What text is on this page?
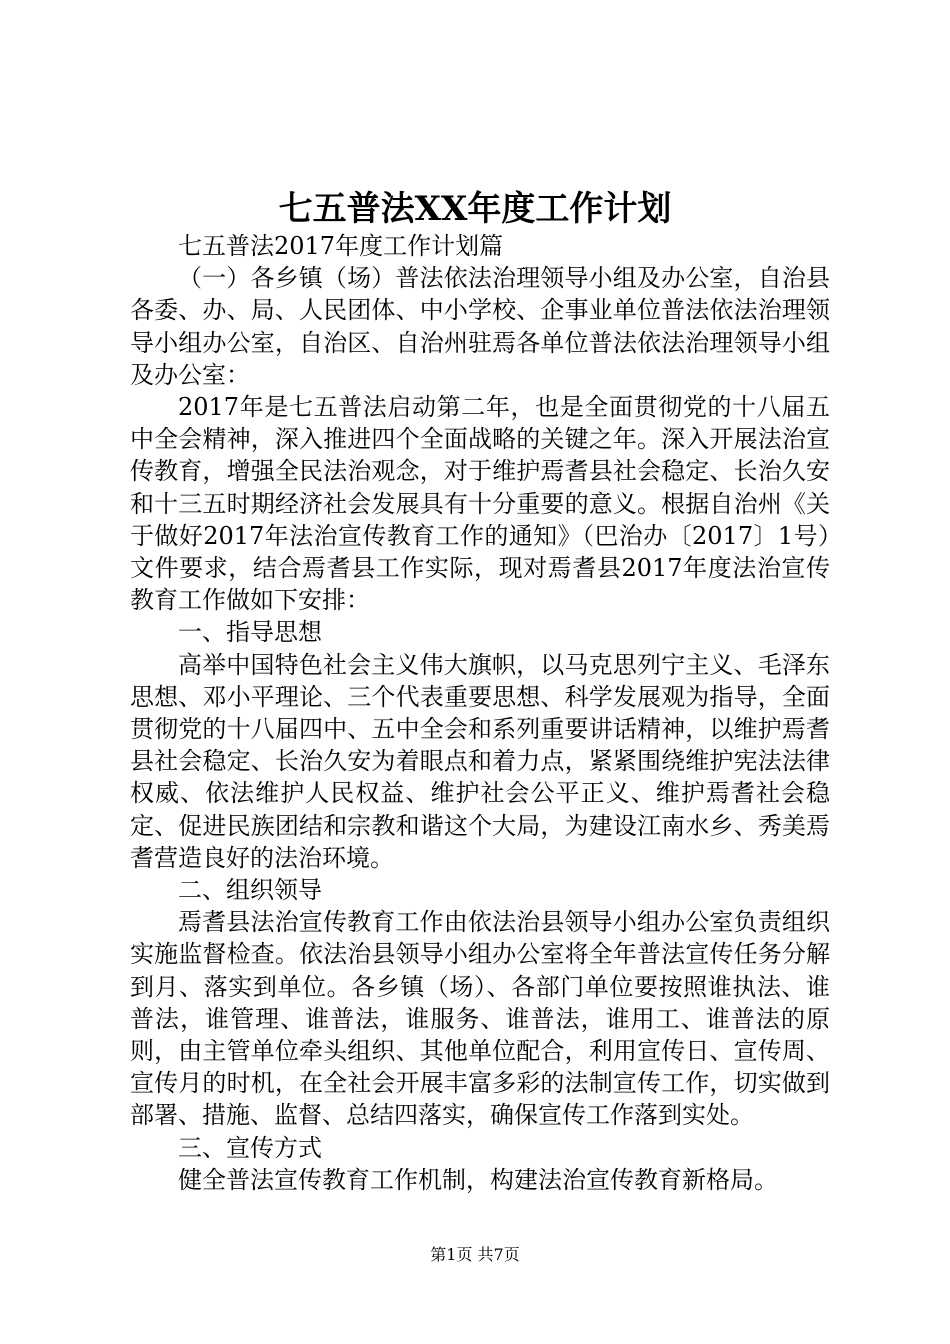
七五普法XX年度工作计划

七五普法2017年度工作计划篇

（一）各乡镇（场）普法依法治理领导小组及办公室，自治县各委、办、局、人民团体、中小学校、企事业单位普法依法治理领导小组办公室，自治区、自治州驻焉各单位普法依法治理领导小组及办公室：

2017年是七五普法启动第二年，也是全面贯彻党的十八届五中全会精神，深入推进四个全面战略的关键之年。深入开展法治宣传教育，增强全民法治观念，对于维护焉耆县社会稳定、长治久安和十三五时期经济社会发展具有十分重要的意义。根据自治州《关于做好2017年法治宣传教育工作的通知》（巴治办〔2017〕1号）文件要求，结合焉耆县工作实际，现对焉耆县2017年度法治宣传教育工作做如下安排：

一、指导思想

高举中国特色社会主义伟大旗帜，以马克思列宁主义、毛泽东思想、邓小平理论、三个代表重要思想、科学发展观为指导，全面贯彻党的十八届四中、五中全会和系列重要讲话精神，以维护焉耆县社会稳定、长治久安为着眼点和着力点，紧紧围绕维护宪法法律权威、依法维护人民权益、维护社会公平正义、维护焉耆社会稳定、促进民族团结和宗教和谐这个大局，为建设江南水乡、秀美焉耆营造良好的法治环境。

二、组织领导

焉耆县法治宣传教育工作由依法治县领导小组办公室负责组织实施监督检查。依法治县领导小组办公室将全年普法宣传任务分解到月、落实到单位。各乡镇（场）、各部门单位要按照谁执法、谁普法，谁管理、谁普法，谁服务、谁普法，谁用工、谁普法的原则，由主管单位牵头组织、其他单位配合，利用宣传日、宣传周、宣传月的时机，在全社会开展丰富多彩的法制宣传工作，切实做到部署、措施、监督、总结四落实，确保宣传工作落到实处。

三、宣传方式

健全普法宣传教育工作机制，构建法治宣传教育新格局。

第1页 共7页
